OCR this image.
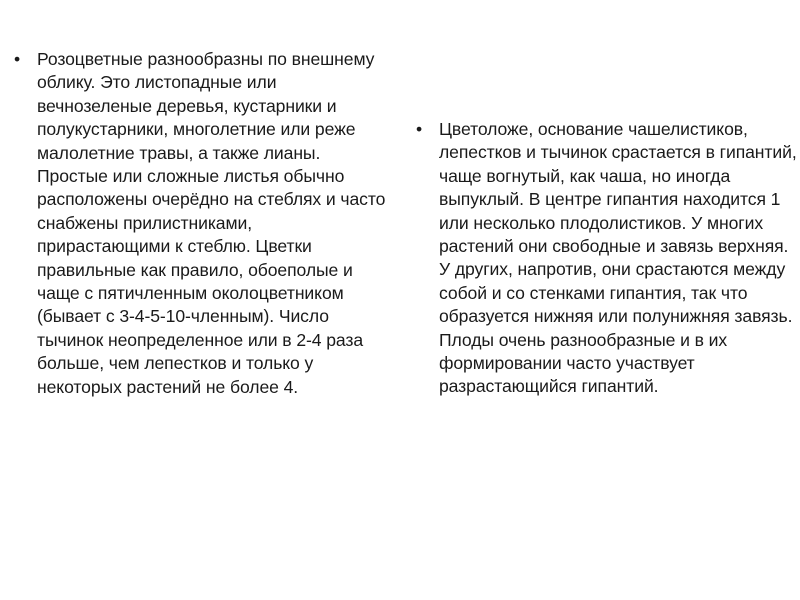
• Розоцветные разнообразны по внешнему облику. Это листопадные или вечнозеленые деревья, кустарники и полукустарники, многолетние или реже малолетние травы, а также лианы. Простые или сложные листья обычно расположены очерёдно на стеблях и часто снабжены прилистниками, прирастающими к стеблю. Цветки правильные как правило, обоеполые и чаще с пятичленным околоцветником (бывает с 3-4-5-10-членным). Число тычинок неопределенное или в 2-4 раза больше, чем лепестков и только у некоторых растений не более 4.
• Цветоложе, основание чашелистиков, лепестков и тычинок срастается в гипантий, чаще вогнутый, как чаша, но иногда выпуклый. В центре гипантия находится 1 или несколько плодолистиков. У многих растений они свободные и завязь верхняя. У других, напротив, они срастаются между собой и со стенками гипантия, так что образуется нижняя или полунижняя завязь. Плоды очень разнообразные и в их формировании часто участвует разрастающийся гипантий.
